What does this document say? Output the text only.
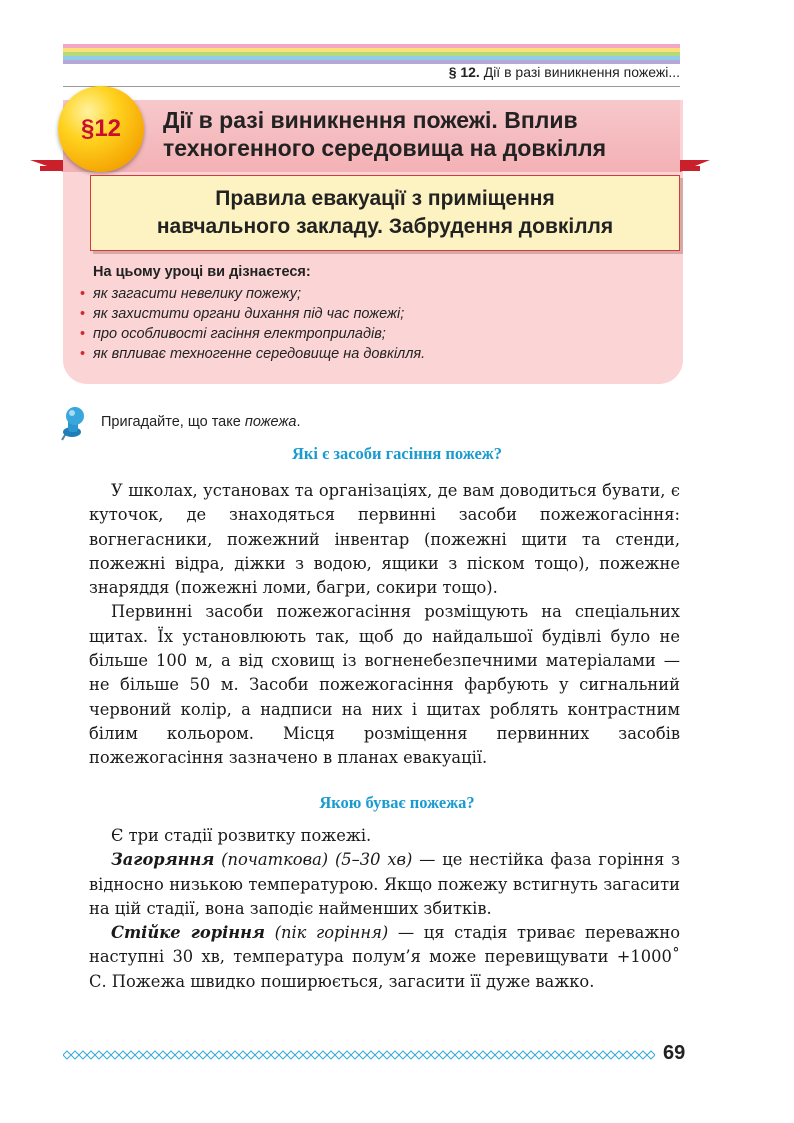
§ 12. Дії в разі виникнення пожежі...
§12 Дії в разі виникнення пожежі. Вплив
техногенного середовища на довкілля
Правила евакуації з приміщення
навчального закладу. Забрудення довкілля
На цьому уроці ви дізнаєтеся:
• як загасити невелику пожежу;
• як захистити органи дихання під час пожежі;
• про особливості гасіння електроприладів;
• як впливає техногенне середовище на довкілля.
Пригадайте, що таке пожежа.
Які є засоби гасіння пожеж?

У школах, установах та організаціях, де вам доводиться бувати, є куточок, де знаходяться первинні засоби пожежогасіння: вогнегасники, пожежний інвентар (пожежні щити та стенди, пожежні відра, діжки з водою, ящики з піском тощо), пожежне знаряддя (пожежні ломи, багри, сокири тощо).

Первинні засоби пожежогасіння розміщують на спеціальних щитах. Їх установлюють так, щоб до найдальшої будівлі було не більше 100 м, а від сховищ із вогненебезпечними матеріалами — не більше 50 м. Засоби пожежогасіння фарбують у сигнальний червоний колір, а надписи на них і щитах роблять контрастним білим кольором. Місця розміщення первинних засобів пожежогасіння зазначено в планах евакуації.

Якою буває пожежа?

Є три стадії розвитку пожежі.

Загоряння (початкова) (5–30 хв) — це нестійка фаза горіння з відносно низькою температурою. Якщо пожежу встигнуть загасити на цій стадії, вона заподіє найменших збитків.

Стійке горіння (пік горіння) — ця стадія триває переважно наступні 30 хв, температура полум’я може перевищувати +1000˚ С. Пожежа швидко поширюється, загасити її дуже важко.

69
